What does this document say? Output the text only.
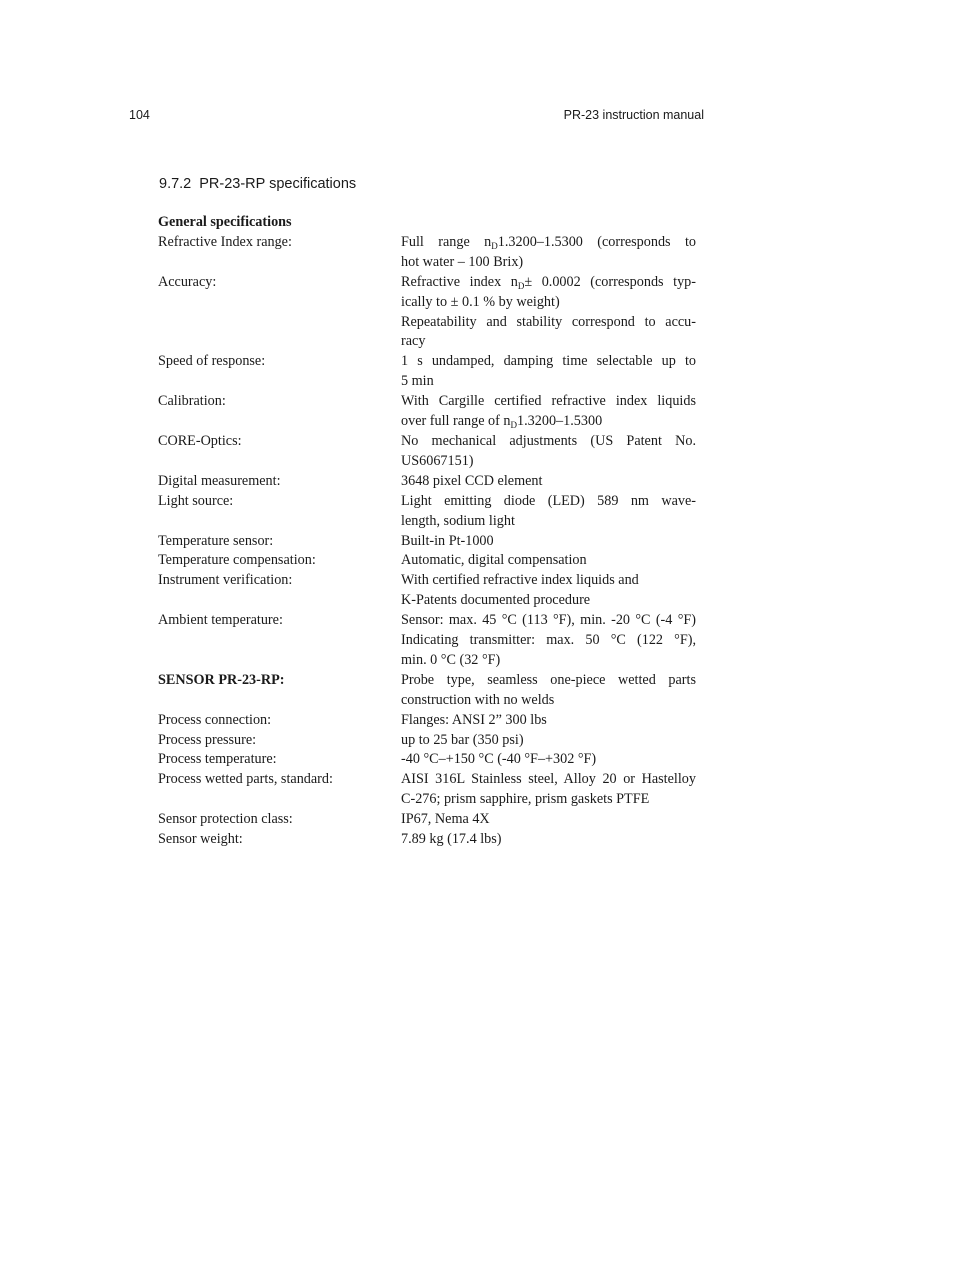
104	PR-23 instruction manual
9.7.2 PR-23-RP specifications
General specifications
Refractive Index range:	Full range $n_D1.3200-1.5300$ (corresponds to
hot water – 100 Brix)
Accuracy:	Refractive index $n_D\pm 0.0002$ (corresponds typ-
ically to ± 0.1 % by weight)
Repeatability and stability correspond to accu-
racy
Speed of response:	1 s undamped, damping time selectable up to
5 min
Calibration:	With Cargille certified refractive index liquids
over full range of $n_D1.3200-1.5300$
CORE-Optics:	No mechanical adjustments (US Patent No.
US6067151)
Digital measurement:	3648 pixel CCD element
Light source:	Light emitting diode (LED) 589 nm wave-
length, sodium light
Temperature sensor:	Built-in Pt-1000
Temperature compensation:	Automatic, digital compensation
Instrument verification:	With certified refractive index liquids and
K-Patents documented procedure
Ambient temperature:	Sensor: max. 45 °C (113 °F), min. -20 °C (-4 °F)
Indicating transmitter: max. 50 °C (122 °F),
min. 0 °C (32 °F)
SENSOR PR-23-RP:	Probe type, seamless one-piece wetted parts
construction with no welds
Process connection:	Flanges: ANSI 2” 300 lbs
Process pressure:	up to 25 bar (350 psi)
Process temperature:	-40 °C–+150 °C (-40 °F–+302 °F)
Process wetted parts, standard:	AISI 316L Stainless steel, Alloy 20 or Hastelloy
C-276; prism sapphire, prism gaskets PTFE
Sensor protection class:	IP67, Nema 4X
Sensor weight:	7.89 kg (17.4 lbs)
